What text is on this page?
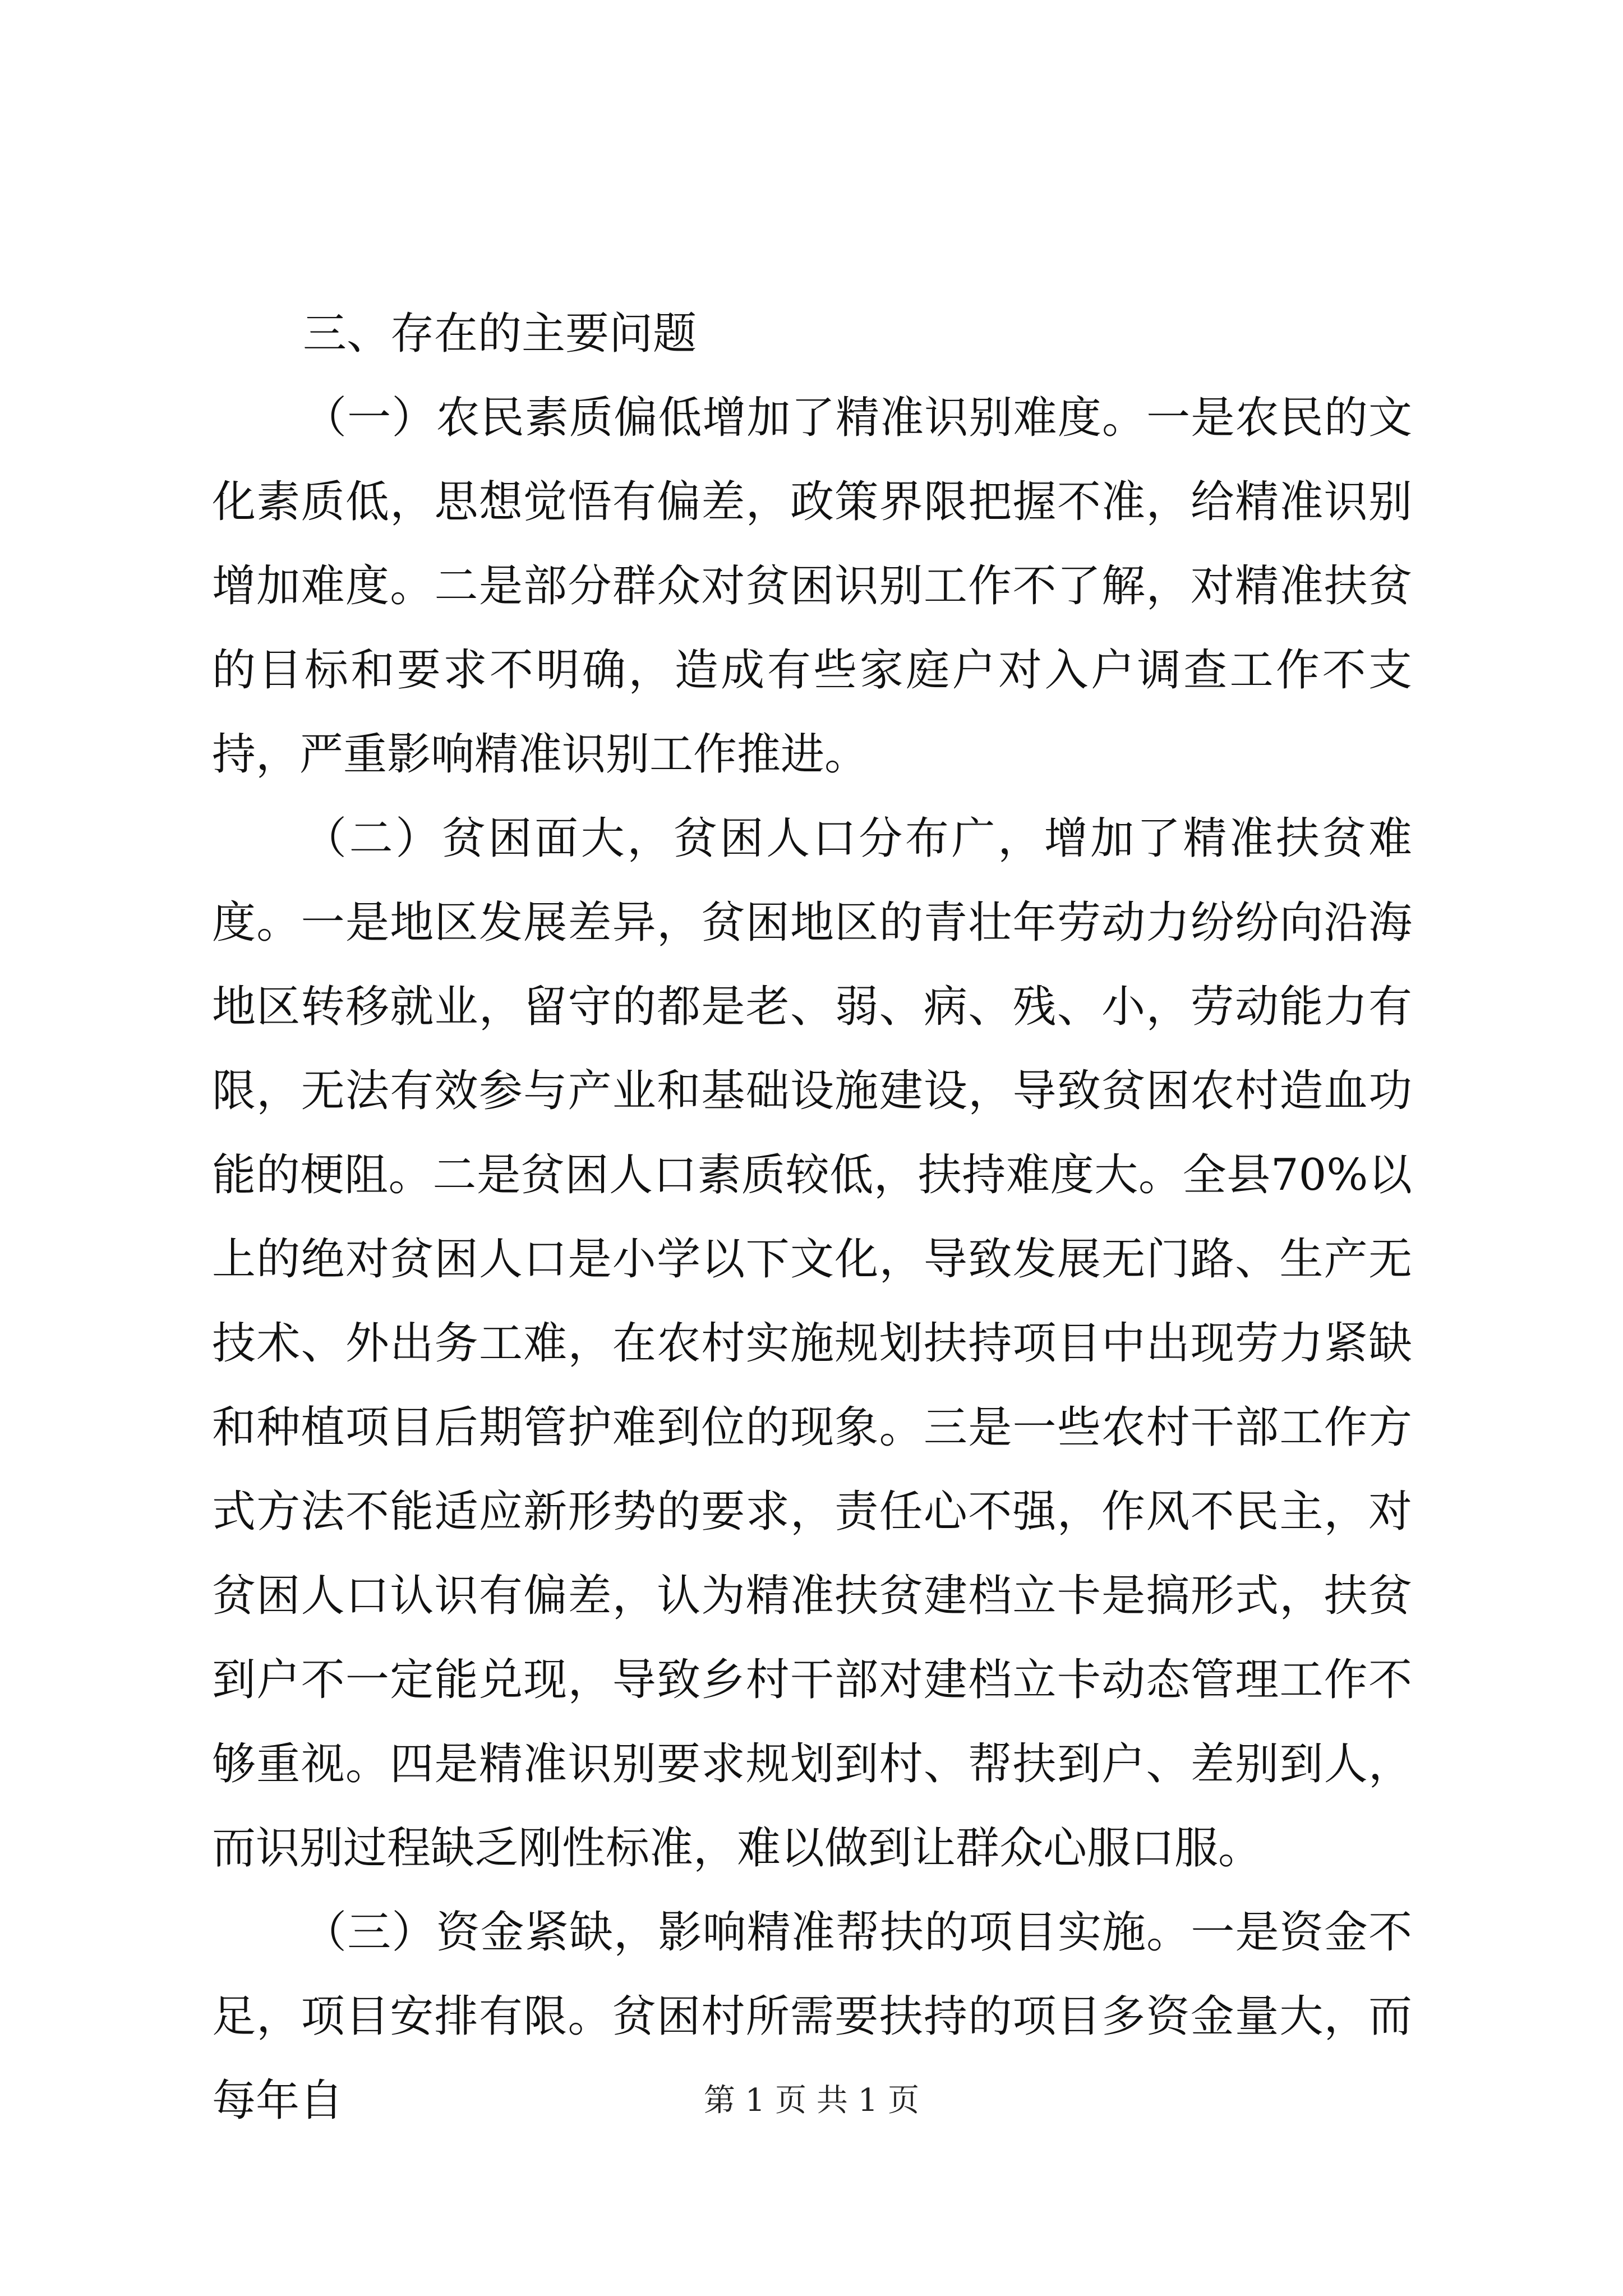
三、存在的主要问题

（一）农民素质偏低增加了精准识别难度。一是农民的文化素质低，思想觉悟有偏差，政策界限把握不准，给精准识别增加难度。二是部分群众对贫困识别工作不了解，对精准扶贫的目标和要求不明确，造成有些家庭户对入户调查工作不支持，严重影响精准识别工作推进。

（二）贫困面大，贫困人口分布广，增加了精准扶贫难度。一是地区发展差异，贫困地区的青壮年劳动力纷纷向沿海地区转移就业，留守的都是老、弱、病、残、小，劳动能力有限，无法有效参与产业和基础设施建设，导致贫困农村造血功能的梗阻。二是贫困人口素质较低，扶持难度大。全县70%以上的绝对贫困人口是小学以下文化，导致发展无门路、生产无技术、外出务工难，在农村实施规划扶持项目中出现劳力紧缺和种植项目后期管护难到位的现象。三是一些农村干部工作方式方法不能适应新形势的要求，责任心不强，作风不民主，对贫困人口认识有偏差，认为精准扶贫建档立卡是搞形式，扶贫到户不一定能兑现，导致乡村干部对建档立卡动态管理工作不够重视。四是精准识别要求规划到村、帮扶到户、差别到人，而识别过程缺乏刚性标准，难以做到让群众心服口服。

（三）资金紧缺，影响精准帮扶的项目实施。一是资金不足，项目安排有限。贫困村所需要扶持的项目多资金量大，而每年自	第 1 页 共 1 页
